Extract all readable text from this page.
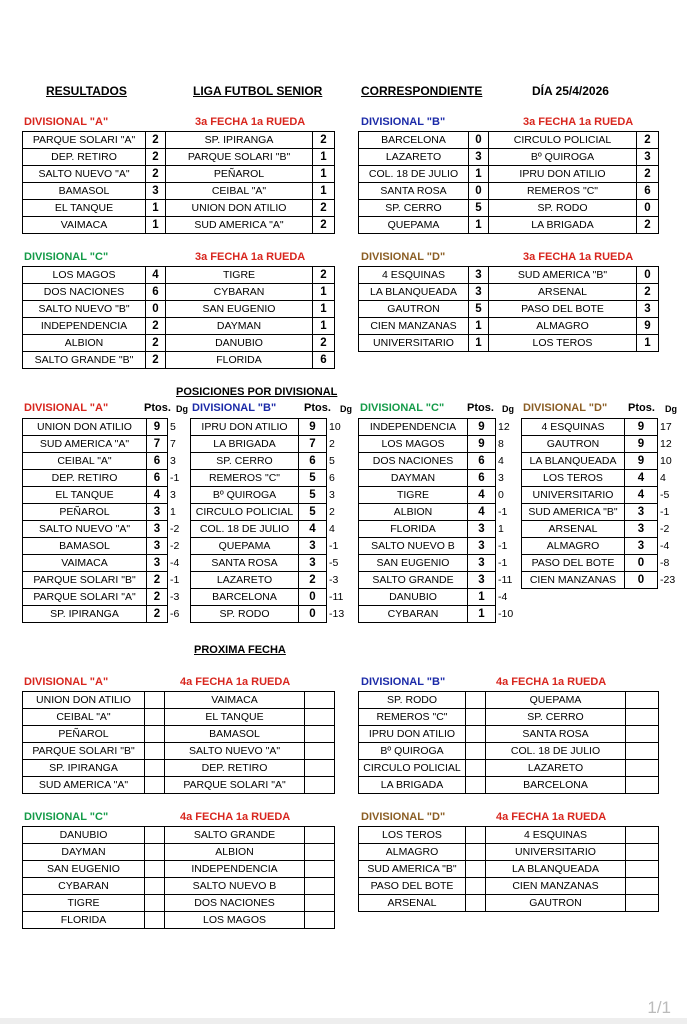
RESULTADOS	LIGA FUTBOL SENIOR	CORRESPONDIENTE	DÍA 25/4/2026
DIVISIONAL "A"	3a FECHA 1a RUEDA	DIVISIONAL "B"	3a FECHA 1a RUEDA
DIVISIONAL "C"	3a FECHA 1a RUEDA	DIVISIONAL "D"	3a FECHA 1a RUEDA
PARQUE SOLARI "A"	2	SP. IPIRANGA	2
DEP. RETIRO	2	PARQUE SOLARI "B"	1
SALTO NUEVO "A"	2	PEÑAROL	1
BAMASOL	3	CEIBAL "A"	1
EL TANQUE	1	UNION DON ATILIO	2
VAIMACA	1	SUD AMERICA "A"	2
BARCELONA	0	CIRCULO POLICIAL	2
LAZARETO	3	Bº QUIROGA	3
COL. 18 DE JULIO	1	IPRU DON ATILIO	2
SANTA ROSA	0	REMEROS "C"	6
SP. CERRO	5	SP. RODO	0
QUEPAMA	1	LA BRIGADA	2
LOS MAGOS	4	TIGRE	2
DOS NACIONES	6	CYBARAN	1
SALTO NUEVO "B"	0	SAN EUGENIO	1
INDEPENDENCIA	2	DAYMAN	1
ALBION	2	DANUBIO	2
SALTO GRANDE "B"	2	FLORIDA	6
4 ESQUINAS	3	SUD AMERICA "B"	0
LA BLANQUEADA	3	ARSENAL	2
GAUTRON	5	PASO DEL BOTE	3
CIEN MANZANAS	1	ALMAGRO	9
UNIVERSITARIO	1	LOS TEROS	1
POSICIONES POR DIVISIONAL
DIVISIONAL "A"	Ptos. Dg DIVISIONAL "B"	Ptos. Dg DIVISIONAL "C" Ptos. Dg DIVISIONAL "D" Ptos. Dg
UNION DON ATILIO	9	5
SUD AMERICA "A"	7	7
CEIBAL "A"	6	3
DEP. RETIRO	6	-1
EL TANQUE	4	3
PEÑAROL	3	1
SALTO NUEVO "A"	3	-2
BAMASOL	3	-2
VAIMACA	3	-4
PARQUE SOLARI "B"	2	-1
PARQUE SOLARI "A"	2	-3
SP. IPIRANGA	2	-6
IPRU DON ATILIO	9	10
LA BRIGADA	7	2
SP. CERRO	6	5
REMEROS "C"	5	6
Bº QUIROGA	5	3
CIRCULO POLICIAL	5	2
COL. 18 DE JULIO	4	4
QUEPAMA	3	-1
SANTA ROSA	3	-5
LAZARETO	2	-3
BARCELONA	0	-11
SP. RODO	0	-13
INDEPENDENCIA	9	12
LOS MAGOS	9	8
DOS NACIONES	6	4
DAYMAN	6	3
TIGRE	4	0
ALBION	4	-1
FLORIDA	3	1
SALTO NUEVO B	3	-1
SAN EUGENIO	3	-1
SALTO GRANDE	3	-11
DANUBIO	1	-4
CYBARAN	1	-10
4 ESQUINAS	9	17
GAUTRON	9	12
LA BLANQUEADA	9	10
LOS TEROS	4	4
UNIVERSITARIO	4	-5
SUD AMERICA "B"	3	-1
ARSENAL	3	-2
ALMAGRO	3	-4
PASO DEL BOTE	0	-8
CIEN MANZANAS	0	-23
PROXIMA FECHA
DIVISIONAL "A"	4a FECHA 1a RUEDA	DIVISIONAL "B"	4a FECHA 1a RUEDA
DIVISIONAL "C"	4a FECHA 1a RUEDA	DIVISIONAL "D"	4a FECHA 1a RUEDA
UNION DON ATILIO		VAIMACA	
CEIBAL "A"		EL TANQUE	
PEÑAROL		BAMASOL	
PARQUE SOLARI "B"		SALTO NUEVO "A"	
SP. IPIRANGA		DEP. RETIRO	
SUD AMERICA "A"		PARQUE SOLARI "A"	
SP. RODO		QUEPAMA	
REMEROS "C"		SP. CERRO	
IPRU DON ATILIO		SANTA ROSA	
Bº QUIROGA		COL. 18 DE JULIO	
CIRCULO POLICIAL		LAZARETO	
LA BRIGADA		BARCELONA	
DANUBIO		SALTO GRANDE	
DAYMAN		ALBION	
SAN EUGENIO		INDEPENDENCIA	
CYBARAN		SALTO NUEVO B	
TIGRE		DOS NACIONES	
FLORIDA		LOS MAGOS	
LOS TEROS		4 ESQUINAS	
ALMAGRO		UNIVERSITARIO	
SUD AMERICA "B"		LA BLANQUEADA	
PASO DEL BOTE		CIEN MANZANAS	
ARSENAL		GAUTRON	
1/1
